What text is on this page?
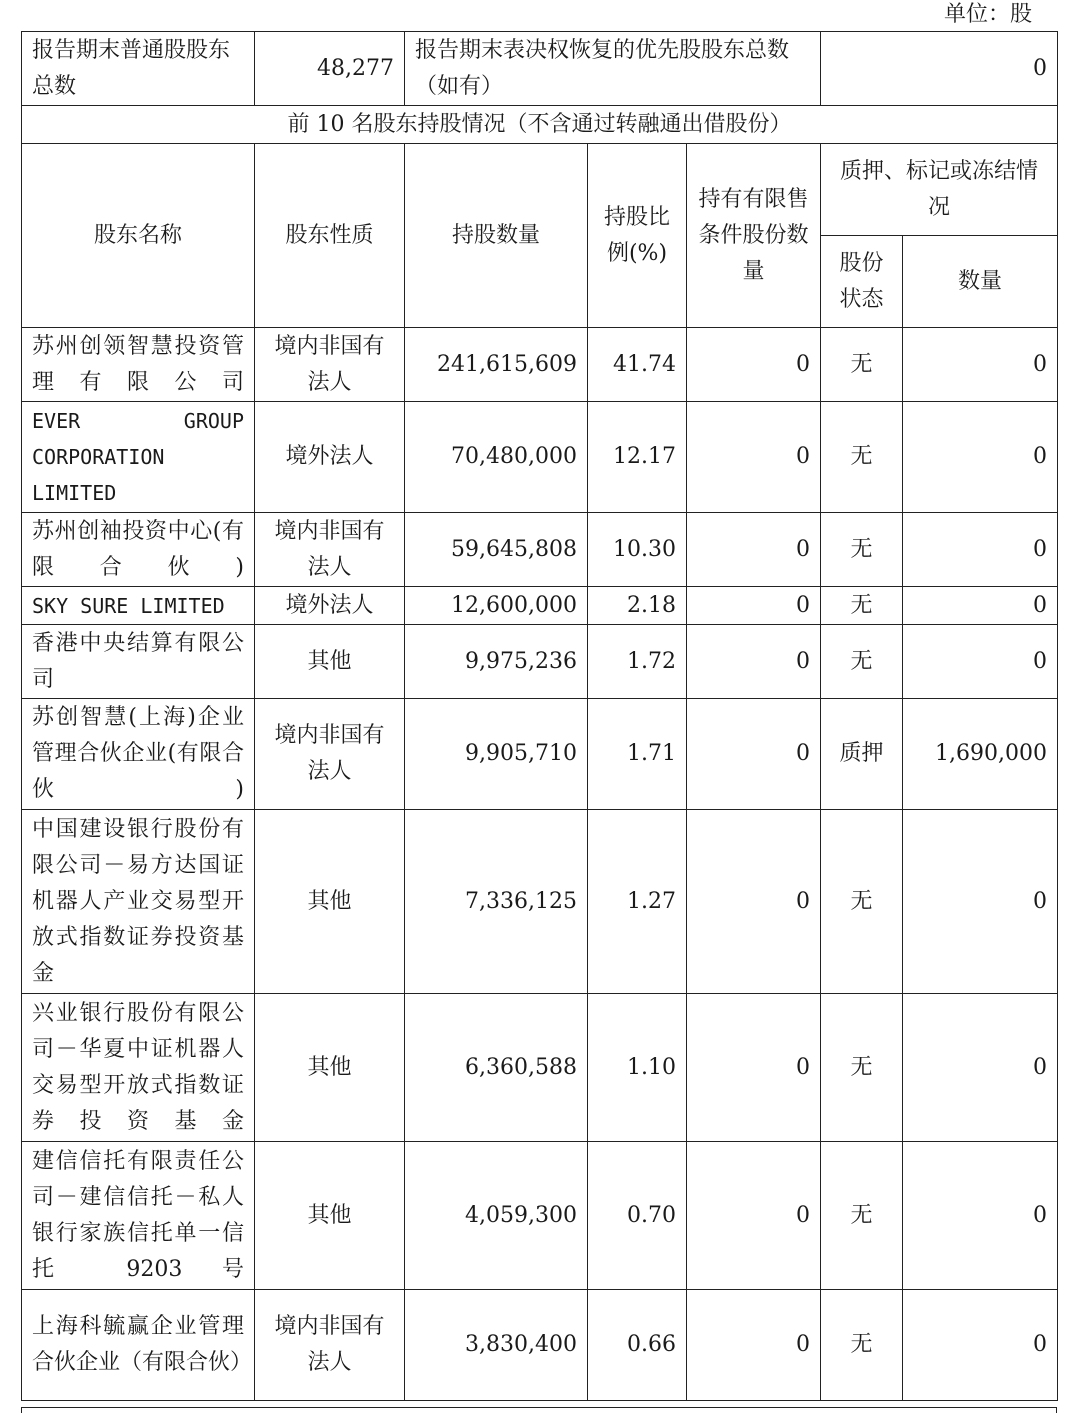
单位：股
报告期末普通股股东总数	48,277	报告期末表决权恢复的优先股股东总数（如有）			0	
前 10 名股东持股情况（不含通过转融通出借股份）						
股东名称	股东性质	持股数量	持股比例(%)	持有有限售条件股份数量	质押、标记或冻结情况	
					股份状态	数量
苏州创领智慧投资管理有限公司	境内非国有法人	241,615,609	41.74	0	无	0
EVER GROUP CORPORATION LIMITED	境外法人	70,480,000	12.17	0	无	0
苏州创袖投资中心(有限合伙)	境内非国有法人	59,645,808	10.30	0	无	0
SKY SURE LIMITED	境外法人	12,600,000	2.18	0	无	0
香港中央结算有限公司	其他	9,975,236	1.72	0	无	0
苏创智慧(上海)企业管理合伙企业(有限合伙)	境内非国有法人	9,905,710	1.71	0	质押	1,690,000
中国建设银行股份有限公司－易方达国证机器人产业交易型开放式指数证券投资基金	其他	7,336,125	1.27	0	无	0
兴业银行股份有限公司－华夏中证机器人交易型开放式指数证券投资基金	其他	6,360,588	1.10	0	无	0
建信信托有限责任公司－建信信托－私人银行家族信托单一信托 9203 号	其他	4,059,300	0.70	0	无	0
上海科毓赢企业管理合伙企业（有限合伙）	境内非国有法人	3,830,400	0.66	0	无	0
